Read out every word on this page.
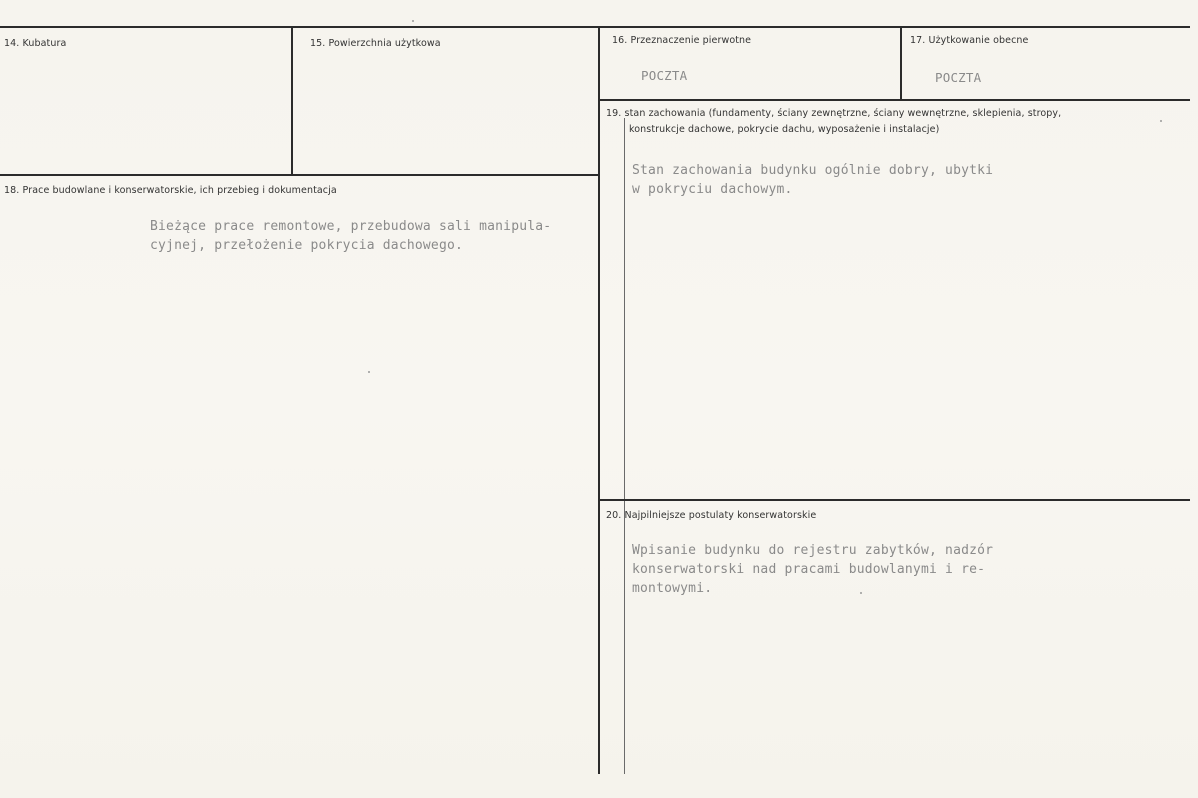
14. Kubatura	15. Powierzchnia użytkowa	16. Przeznaczenie pierwotne
POCZTA
17. Użytkowanie obecne
POCZTA
18. Prace budowlane i konserwatorskie, ich przebieg i dokumentacja
Bieżące prace remontowe, przebudowa sali manipula-
cyjnej, przełożenie pokrycia dachowego.
19. stan zachowania (fundamenty, ściany zewnętrzne, ściany wewnętrzne, sklepienia, stropy,
konstrukcje dachowe, pokrycie dachu, wyposażenie i instalacje)
Stan zachowania budynku ogólnie dobry, ubytki
w pokryciu dachowym.
20. Najpilniejsze postulaty konserwatorskie
Wpisanie budynku do rejestru zabytków, nadzór
konserwatorski nad pracami budowlanymi i re-
montowymi.
